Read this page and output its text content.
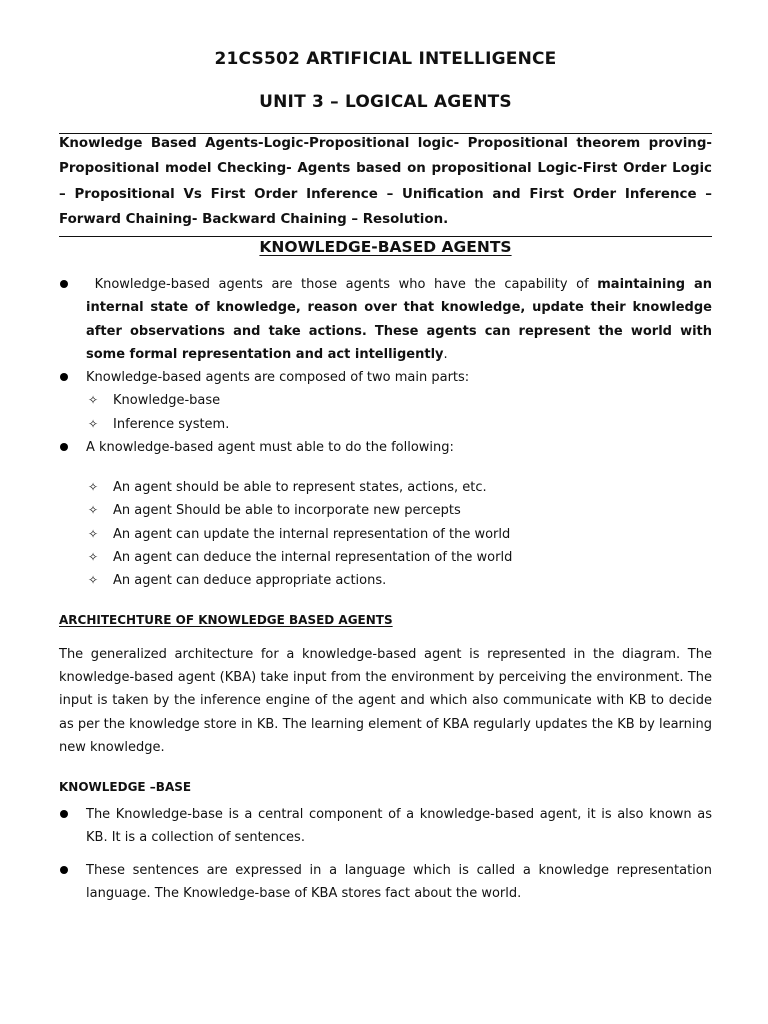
21CS502 ARTIFICIAL INTELLIGENCE
UNIT 3 – LOGICAL AGENTS
Knowledge Based Agents-Logic-Propositional logic- Propositional theorem proving-Propositional model Checking- Agents based on propositional Logic-First Order Logic – Propositional Vs First Order Inference – Unification and First Order Inference – Forward Chaining- Backward Chaining – Resolution.
KNOWLEDGE-BASED AGENTS
Knowledge-based agents are those agents who have the capability of maintaining an internal state of knowledge, reason over that knowledge, update their knowledge after observations and take actions. These agents can represent the world with some formal representation and act intelligently.
Knowledge-based agents are composed of two main parts:
✧ Knowledge-base
✧ Inference system.
A knowledge-based agent must able to do the following:
✧ An agent should be able to represent states, actions, etc.
✧ An agent Should be able to incorporate new percepts
✧ An agent can update the internal representation of the world
✧ An agent can deduce the internal representation of the world
✧ An agent can deduce appropriate actions.
ARCHITECHTURE OF KNOWLEDGE BASED AGENTS
The generalized architecture for a knowledge-based agent is represented in the diagram. The knowledge-based agent (KBA) take input from the environment by perceiving the environment. The input is taken by the inference engine of the agent and which also communicate with KB to decide as per the knowledge store in KB. The learning element of KBA regularly updates the KB by learning new knowledge.
KNOWLEDGE –BASE
The Knowledge-base is a central component of a knowledge-based agent, it is also known as KB. It is a collection of sentences.
These sentences are expressed in a language which is called a knowledge representation language. The Knowledge-base of KBA stores fact about the world.
